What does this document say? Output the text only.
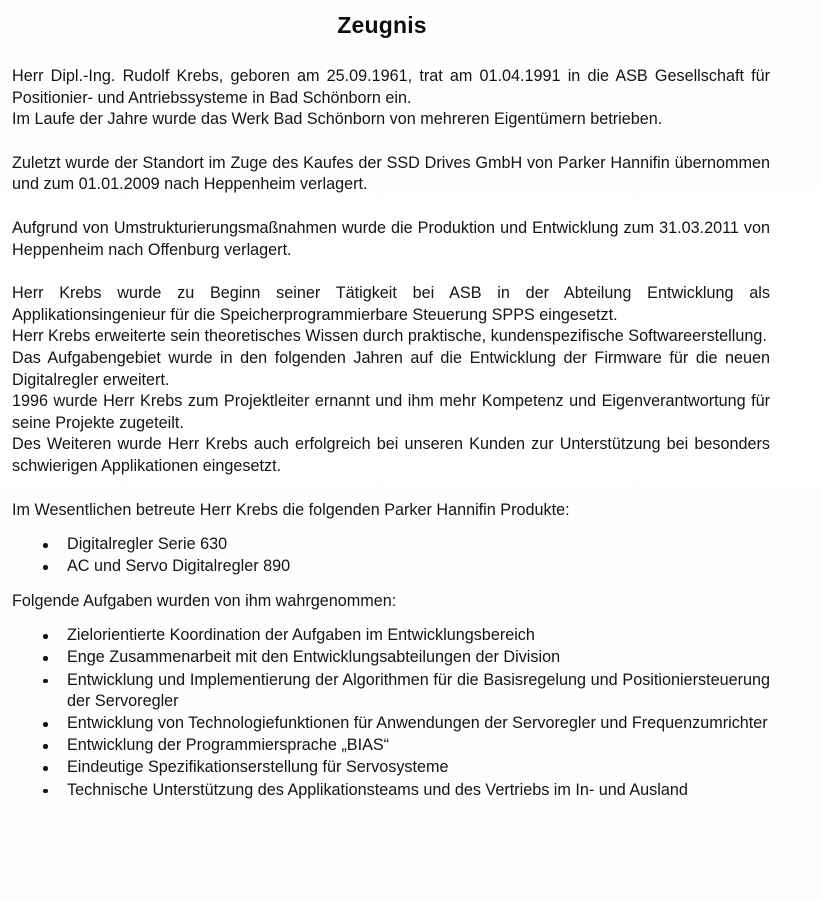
Zeugnis

Herr Dipl.-Ing. Rudolf Krebs, geboren am 25.09.1961, trat am 01.04.1991 in die ASB Gesellschaft für Positionier- und Antriebssysteme in Bad Schönborn ein.

Im Laufe der Jahre wurde das Werk Bad Schönborn von mehreren Eigentümern betrieben.

Zuletzt wurde der Standort im Zuge des Kaufes der SSD Drives GmbH von Parker Hannifin übernommen und zum 01.01.2009 nach Heppenheim verlagert.

Aufgrund von Umstrukturierungsmaßnahmen wurde die Produktion und Entwicklung zum 31.03.2011 von Heppenheim nach Offenburg verlagert.

Herr Krebs wurde zu Beginn seiner Tätigkeit bei ASB in der Abteilung Entwicklung als Applikationsingenieur für die Speicherprogrammierbare Steuerung SPPS eingesetzt.

Herr Krebs erweiterte sein theoretisches Wissen durch praktische, kundenspezifische Softwareerstellung.

Das Aufgabengebiet wurde in den folgenden Jahren auf die Entwicklung der Firmware für die neuen Digitalregler erweitert.

1996 wurde Herr Krebs zum Projektleiter ernannt und ihm mehr Kompetenz und Eigenverantwortung für seine Projekte zugeteilt.

Des Weiteren wurde Herr Krebs auch erfolgreich bei unseren Kunden zur Unterstützung bei besonders schwierigen Applikationen eingesetzt.

Im Wesentlichen betreute Herr Krebs die folgenden Parker Hannifin Produkte:

Digitalregler Serie 630
AC und Servo Digitalregler 890

Folgende Aufgaben wurden von ihm wahrgenommen:

Zielorientierte Koordination der Aufgaben im Entwicklungsbereich
Enge Zusammenarbeit mit den Entwicklungsabteilungen der Division
Entwicklung und Implementierung der Algorithmen für die Basisregelung und Positioniersteuerung der Servoregler
Entwicklung von Technologiefunktionen für Anwendungen der Servoregler und Frequenzumrichter
Entwicklung der Programmiersprache „BIAS“
Eindeutige Spezifikationserstellung für Servosysteme
Technische Unterstützung des Applikationsteams und des Vertriebs im In- und Ausland
